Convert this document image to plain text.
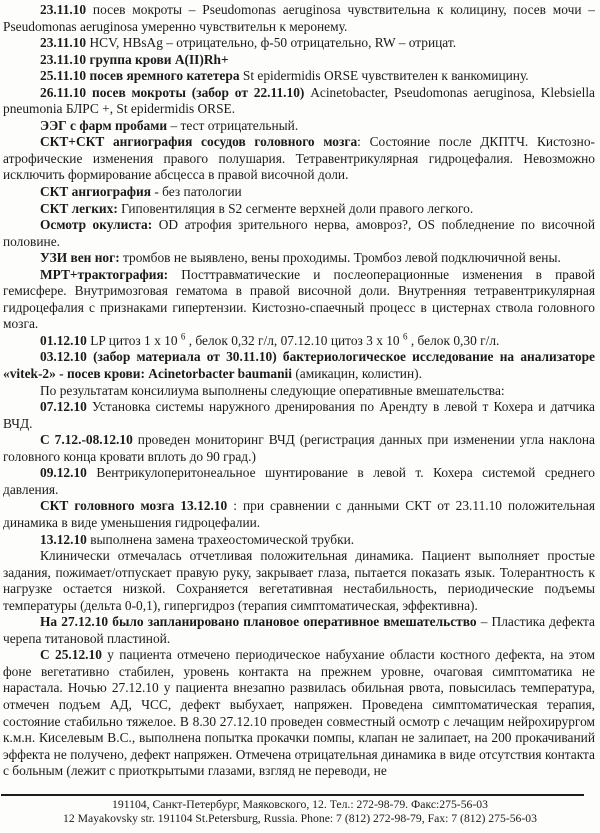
23.11.10 посев мокроты – Pseudomonas aeruginosa чувствительна к колицину, посев мочи – Pseudomonas aeruginosa умеренно чувствительн к меронему.

23.11.10 HCV, HBsAg – отрицательно, ф-50 отрицательно, RW – отрицат.

23.11.10 группа крови А(II)Rh+

25.11.10 посев яремного катетера St epidermidis ORSE чувствителен к ванкомицину.

26.11.10 посев мокроты (забор от 22.11.10) Acinetobacter, Pseudomonas aeruginosa, Klebsiella pneumonia БЛРС +, St epidermidis ORSE.

ЭЭГ с фарм пробами – тест отрицательный.

СКТ+СКТ ангиография сосудов головного мозга: Состояние после ДКПТЧ. Кистозно-атрофические изменения правого полушария. Тетравентрикулярная гидроцефалия. Невозможно исключить формирование абсцесса в правой височной доли.

СКТ ангиография - без патологии

СКТ легких: Гиповентиляция в S2 сегменте верхней доли правого легкого.

Осмотр окулиста: OD атрофия зрительного нерва, амовроз?, OS побледнение по височной половине.

УЗИ вен ног: тромбов не выявлено, вены проходимы. Тромбоз левой подключичной вены.

МРТ+трактография: Посттравматические и послеоперационные изменения в правой гемисфере. Внутримозговая гематома в правой височной доли. Внутренняя тетравентрикулярная гидроцефалия с признаками гипертензии. Кистозно-спаечный процесс в цистернах ствола головного мозга.

01.12.10 LP цитоз 1 х 10 $^6$ , белок 0,32 г/л, 07.12.10 цитоз 3 х 10 $^6$ , белок 0,30 г/л.

03.12.10 (забор материала от 30.11.10) бактериологическое исследование на анализаторе «vitek-2» - посев крови: Acinetorbacter baumanii (амикацин, колистин).

По результатам консилиума выполнены следующие оперативные вмешательства:

07.12.10 Установка системы наружного дренирования по Арендту в левой т Кохера и датчика ВЧД.

С 7.12.-08.12.10 проведен мониторинг ВЧД (регистрация данных при изменении угла наклона головного конца кровати вплоть до 90 град.)

09.12.10 Вентрикулоперитонеальное шунтирование в левой т. Кохера системой среднего давления.

СКТ головного мозга 13.12.10 : при сравнении с данными СКТ от 23.11.10 положительная динамика в виде уменьшения гидроцефалии.

13.12.10 выполнена замена трахеостомической трубки.

Клинически отмечалась отчетливая положительная динамика. Пациент выполняет простые задания, пожимает/отпускает правую руку, закрывает глаза, пытается показать язык. Толерантность к нагрузке остается низкой. Сохраняется вегетативная нестабильность, периодические подъемы температуры (дельта 0-0,1), гипергидроз (терапия симптоматическая, эффективна).

На 27.12.10 было запланировано плановое оперативное вмешательство – Пластика дефекта черепа титановой пластиной.

С 25.12.10 у пациента отмечено периодическое набухание области костного дефекта, на этом фоне вегетативно стабилен, уровень контакта на прежнем уровне, очаговая симптоматика не нарастала. Ночью 27.12.10 у пациента внезапно развилась обильная рвота, повысилась температура, отмечен подъем АД, ЧСС, дефект выбухает, напряжен. Проведена симптоматическая терапия, состояние стабильно тяжелое. В 8.30 27.12.10 проведен совместный осмотр с лечащим нейрохирургом к.м.н. Киселевым В.С., выполнена попытка прокачки помпы, клапан не залипает, на 200 прокачиваний эффекта не получено, дефект напряжен. Отмечена отрицательная динамика в виде отсутствия контакта с больным (лежит с приоткрытыми глазами, взгляд не переводи, не

191104, Санкт-Петербург, Маяковского, 12. Тел.: 272-98-79. Факс:275-56-03
12 Mayakovsky str. 191104 St.Petersburg, Russia. Phone: 7 (812) 272-98-79, Fax: 7 (812) 275-56-03
